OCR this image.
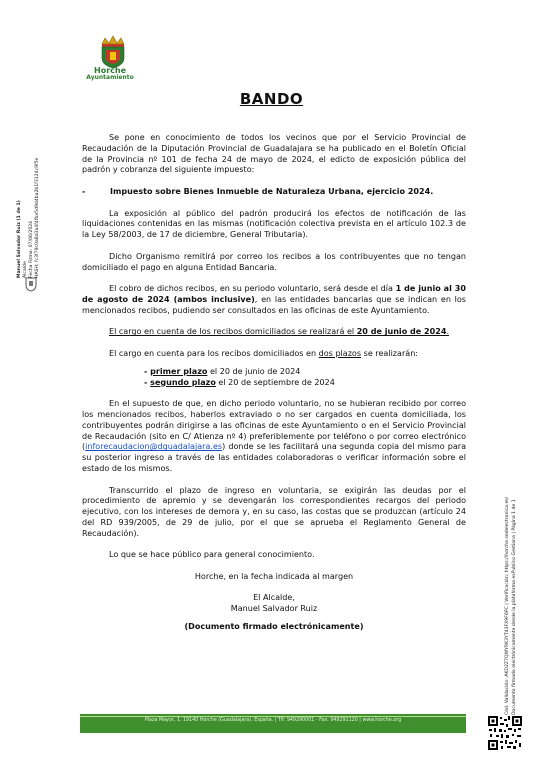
Horche
Ayuntamiento
BANDO

Se pone en conocimiento de todos los vecinos que por el Servicio Provincial de Recaudación de la Diputación Provincial de Guadalajara se ha publicado en el Boletín Oficial de la Provincia nº 101 de fecha 24 de mayo de 2024, el edicto de exposición pública del padrón y cobranza del siguiente impuesto:

-	Impuesto sobre Bienes Inmueble de Naturaleza Urbana, ejercicio 2024.

La exposición al público del padrón producirá los efectos de notificación de las liquidaciones contenidas en las mismas (notificación colectiva prevista en el artículo 102.3 de la Ley 58/2003, de 17 de diciembre, General Tributaria).

Dicho Organismo remitirá por correo los recibos a los contribuyentes que no tengan domiciliado el pago en alguna Entidad Bancaria.

El cobro de dichos recibos, en su periodo voluntario, será desde el día 1 de junio al 30 de agosto de 2024 (ambos inclusive), en las entidades bancarias que se indican en los mencionados recibos, pudiendo ser consultados en las oficinas de este Ayuntamiento.

El cargo en cuenta de los recibos domiciliados se realizará el 20 de junio de 2024.

El cargo en cuenta para los recibos domiciliados en dos plazos se realizarán:

- primer plazo el 20 de junio de 2024

- segundo plazo el 20 de septiembre de 2024

En el supuesto de que, en dicho periodo voluntario, no se hubieran recibido por correo los mencionados recibos, haberlos extraviado o no ser cargados en cuenta domiciliada, los contribuyentes podrán dirigirse a las oficinas de este Ayuntamiento o en el Servicio Provincial de Recaudación (sito en C/ Atienza nº 4) preferiblemente por teléfono o por correo electrónico (inforecaudacion@dguadalajara.es) donde se les facilitará una segunda copia del mismo para su posterior ingreso a través de las entidades colaboradoras o verificar información sobre el estado de los mismos.

Transcurrido el plazo de ingreso en voluntaria, se exigirán las deudas por el procedimiento de apremio y se devengarán los correspondientes recargos del periodo ejecutivo, con los intereses de demora y, en su caso, las costas que se produzcan (artículo 24 del RD 939/2005, de 29 de julio, por el que se aprueba el Reglamento General de Recaudación).

Lo que se hace público para general conocimiento.

Horche, en la fecha indicada al margen

El Alcalde,

Manuel Salvador Ruiz

(Documento firmado electrónicamente)

Manuel Salvador Ruiz (1 de 1) Alcalde Fecha Firma: 07/06/2024 HASH: fc3f79c0a8d3a4f4fbe5d9d4ba2b1f3124c9f5e
Cód. Validación: AKD2Z7QWYRK3YT43FX9F6PC | Verificación: https://horche.sedelectronica.es/ Documento firmado electrónicamente desde la plataforma esPublico Gestiona | Página 1 de 1
Plaza Mayor, 1. 19140 Horche (Guadalajara). España. | Tlf: 949290001 - Fax: 949291120 | www.horche.org
